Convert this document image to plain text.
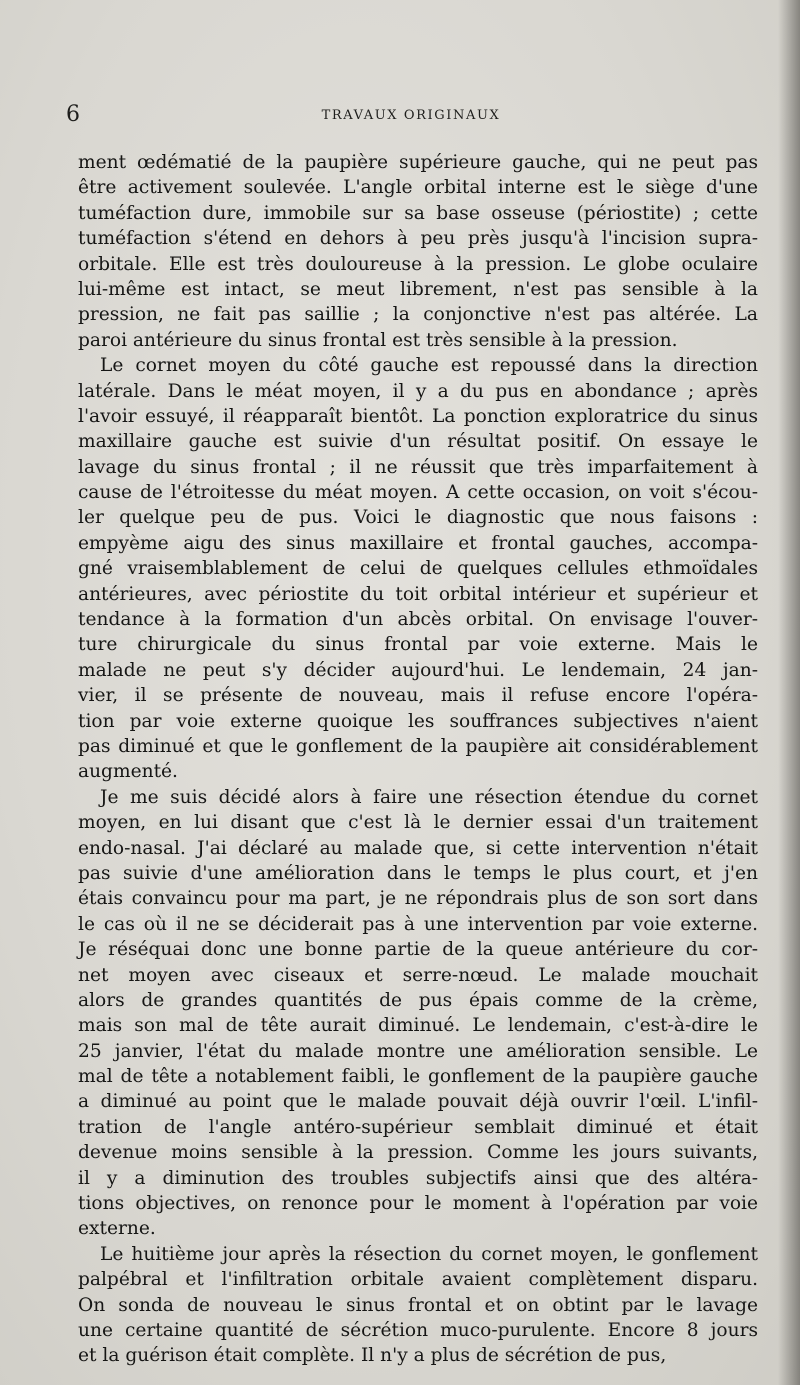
6	TRAVAUX ORIGINAUX
ment œdématié de la paupière supérieure gauche, qui ne peut pas
être activement soulevée. L'angle orbital interne est le siège d'une
tuméfaction dure, immobile sur sa base osseuse (périostite) ; cette
tuméfaction s'étend en dehors à peu près jusqu'à l'incision supra-
orbitale. Elle est très douloureuse à la pression. Le globe oculaire
lui-même est intact, se meut librement, n'est pas sensible à la
pression, ne fait pas saillie ; la conjonctive n'est pas altérée. La
paroi antérieure du sinus frontal est très sensible à la pression.
Le cornet moyen du côté gauche est repoussé dans la direction
latérale. Dans le méat moyen, il y a du pus en abondance ; après
l'avoir essuyé, il réapparaît bientôt. La ponction exploratrice du sinus
maxillaire gauche est suivie d'un résultat positif. On essaye le
lavage du sinus frontal ; il ne réussit que très imparfaitement à
cause de l'étroitesse du méat moyen. A cette occasion, on voit s'écou-
ler quelque peu de pus. Voici le diagnostic que nous faisons :
empyème aigu des sinus maxillaire et frontal gauches, accompa-
gné vraisemblablement de celui de quelques cellules ethmoïdales
antérieures, avec périostite du toit orbital intérieur et supérieur et
tendance à la formation d'un abcès orbital. On envisage l'ouver-
ture chirurgicale du sinus frontal par voie externe. Mais le
malade ne peut s'y décider aujourd'hui. Le lendemain, 24 jan-
vier, il se présente de nouveau, mais il refuse encore l'opéra-
tion par voie externe quoique les souffrances subjectives n'aient
pas diminué et que le gonflement de la paupière ait considérablement
augmenté.
Je me suis décidé alors à faire une résection étendue du cornet
moyen, en lui disant que c'est là le dernier essai d'un traitement
endo-nasal. J'ai déclaré au malade que, si cette intervention n'était
pas suivie d'une amélioration dans le temps le plus court, et j'en
étais convaincu pour ma part, je ne répondrais plus de son sort dans
le cas où il ne se déciderait pas à une intervention par voie externe.
Je réséquai donc une bonne partie de la queue antérieure du cor-
net moyen avec ciseaux et serre-nœud. Le malade mouchait
alors de grandes quantités de pus épais comme de la crème,
mais son mal de tête aurait diminué. Le lendemain, c'est-à-dire le
25 janvier, l'état du malade montre une amélioration sensible. Le
mal de tête a notablement faibli, le gonflement de la paupière gauche
a diminué au point que le malade pouvait déjà ouvrir l'œil. L'infil-
tration de l'angle antéro-supérieur semblait diminué et était
devenue moins sensible à la pression. Comme les jours suivants,
il y a diminution des troubles subjectifs ainsi que des altéra-
tions objectives, on renonce pour le moment à l'opération par voie
externe.
Le huitième jour après la résection du cornet moyen, le gonflement
palpébral et l'infiltration orbitale avaient complètement disparu.
On sonda de nouveau le sinus frontal et on obtint par le lavage
une certaine quantité de sécrétion muco-purulente. Encore 8 jours
et la guérison était complète. Il n'y a plus de sécrétion de pus,
